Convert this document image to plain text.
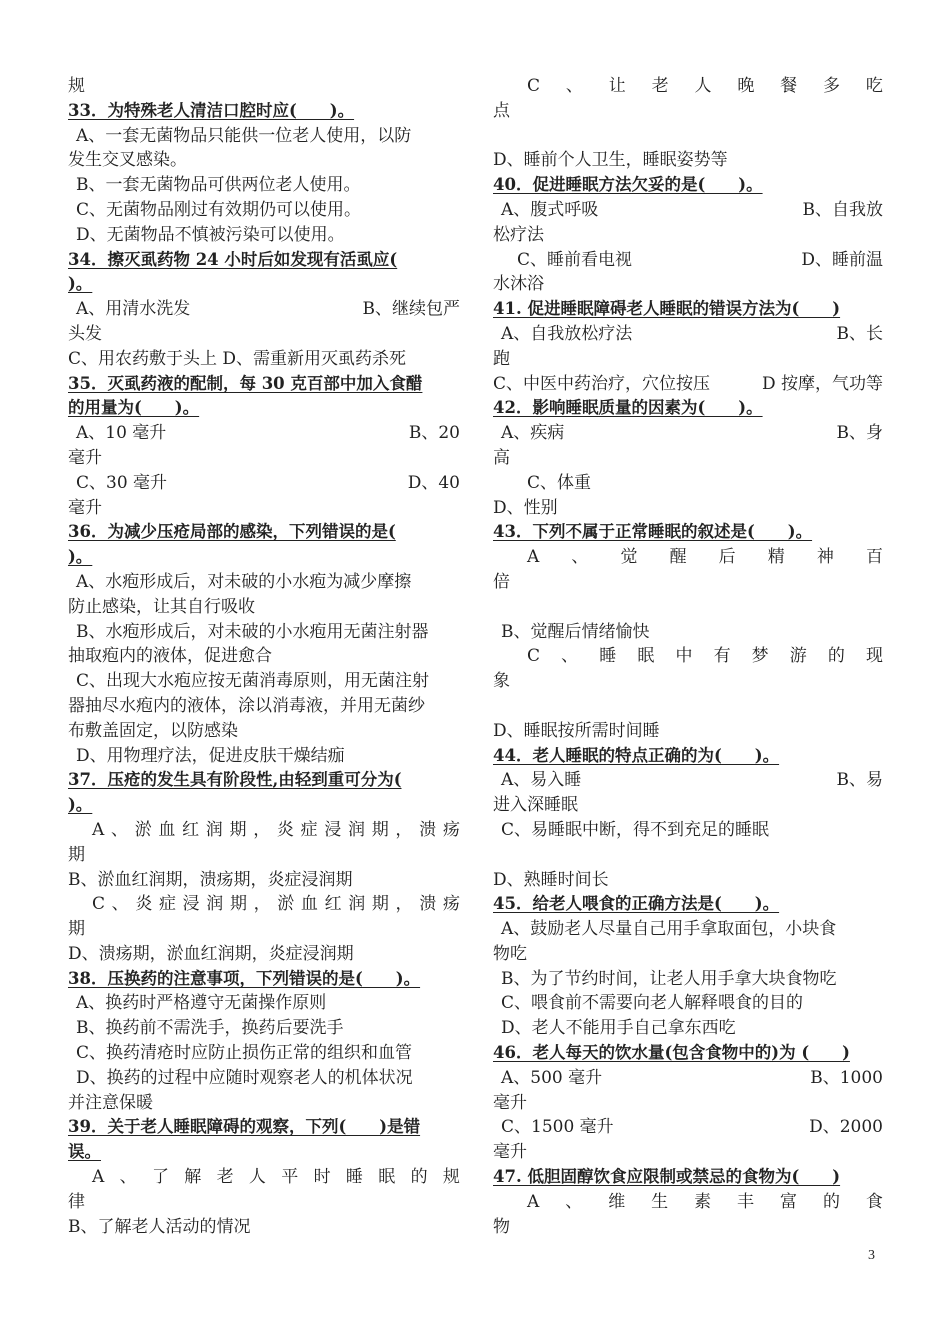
规
33．为特殊老人清洁口腔时应(　　)。
A、一套无菌物品只能供一位老人使用，以防
发生交叉感染。
B、一套无菌物品可供两位老人使用。
C、无菌物品刚过有效期仍可以使用。
D、无菌物品不慎被污染可以使用。
34．擦灭虱药物 24 小时后如发现有活虱应(
)。
A、用清水洗发	B、继续包严
头发
C、用农药敷于头上 D、需重新用灭虱药杀死
35．灭虱药液的配制，每 30 克百部中加入食醋
的用量为(　　)。
A、10 毫升	B、20
毫升
C、30 毫升	D、40
毫升
36．为减少压疮局部的感染，下列错误的是(
)。
A、水疱形成后，对未破的小水疱为减少摩擦
防止感染，让其自行吸收
B、水疱形成后，对未破的小水疱用无菌注射器
抽取疱内的液体，促进愈合
C、出现大水疱应按无菌消毒原则，用无菌注射
器抽尽水疱内的液体，涂以消毒液，并用无菌纱
布敷盖固定，以防感染
D、用物理疗法，促进皮肤干燥结痂
37．压疮的发生具有阶段性,由轻到重可分为(
)。
A 、 淤 血 红 润 期 ， 炎 症 浸 润 期 ， 溃 疡
期
B、淤血红润期，溃疡期，炎症浸润期
C 、 炎 症 浸 润 期 ， 淤 血 红 润 期 ， 溃 疡
期
D、溃疡期，淤血红润期，炎症浸润期
38．压换药的注意事项，下列错误的是(　　)。
A、换药时严格遵守无菌操作原则
B、换药前不需洗手，换药后要洗手
C、换药清疮时应防止损伤正常的组织和血管
D、换药的过程中应随时观察老人的机体状况
并注意保暖
39．关于老人睡眠障碍的观察，下列(　　)是错
误。
A 、 了 解 老 人 平 时 睡 眠 的 规
律
B、了解老人活动的情况
C 、 让 老 人 晚 餐 多 吃
点
D、睡前个人卫生，睡眠姿势等
40．促进睡眠方法欠妥的是(　　)。
A、腹式呼吸	B、自我放
松疗法
C、睡前看电视	D、睡前温
水沐浴
41. 促进睡眠障碍老人睡眠的错误方法为(　　)
A、自我放松疗法	B、长
跑
C、中医中药治疗，穴位按压	D 按摩，气功等
42．影响睡眠质量的因素为(　　)。
A、疾病	B、身
高
C、体重
D、性别
43．下列不属于正常睡眠的叙述是(　　)。
A 、 觉 醒 后 精 神 百
倍
B、觉醒后情绪愉快
C 、 睡 眠 中 有 梦 游 的 现
象
D、睡眠按所需时间睡
44．老人睡眠的特点正确的为(　　)。
A、易入睡	B、易
进入深睡眠
C、易睡眠中断，得不到充足的睡眠
D、熟睡时间长
45．给老人喂食的正确方法是(　　)。
A、鼓励老人尽量自己用手拿取面包，小块食
物吃
B、为了节约时间，让老人用手拿大块食物吃
C、喂食前不需要向老人解释喂食的目的
D、老人不能用手自己拿东西吃
46．老人每天的饮水量(包含食物中的)为 (　　)
A、500 毫升	B、1000
毫升
C、1500 毫升	D、2000
毫升
47. 低胆固醇饮食应限制或禁忌的食物为(　　)
A 、 维 生 素 丰 富 的 食
物
3
